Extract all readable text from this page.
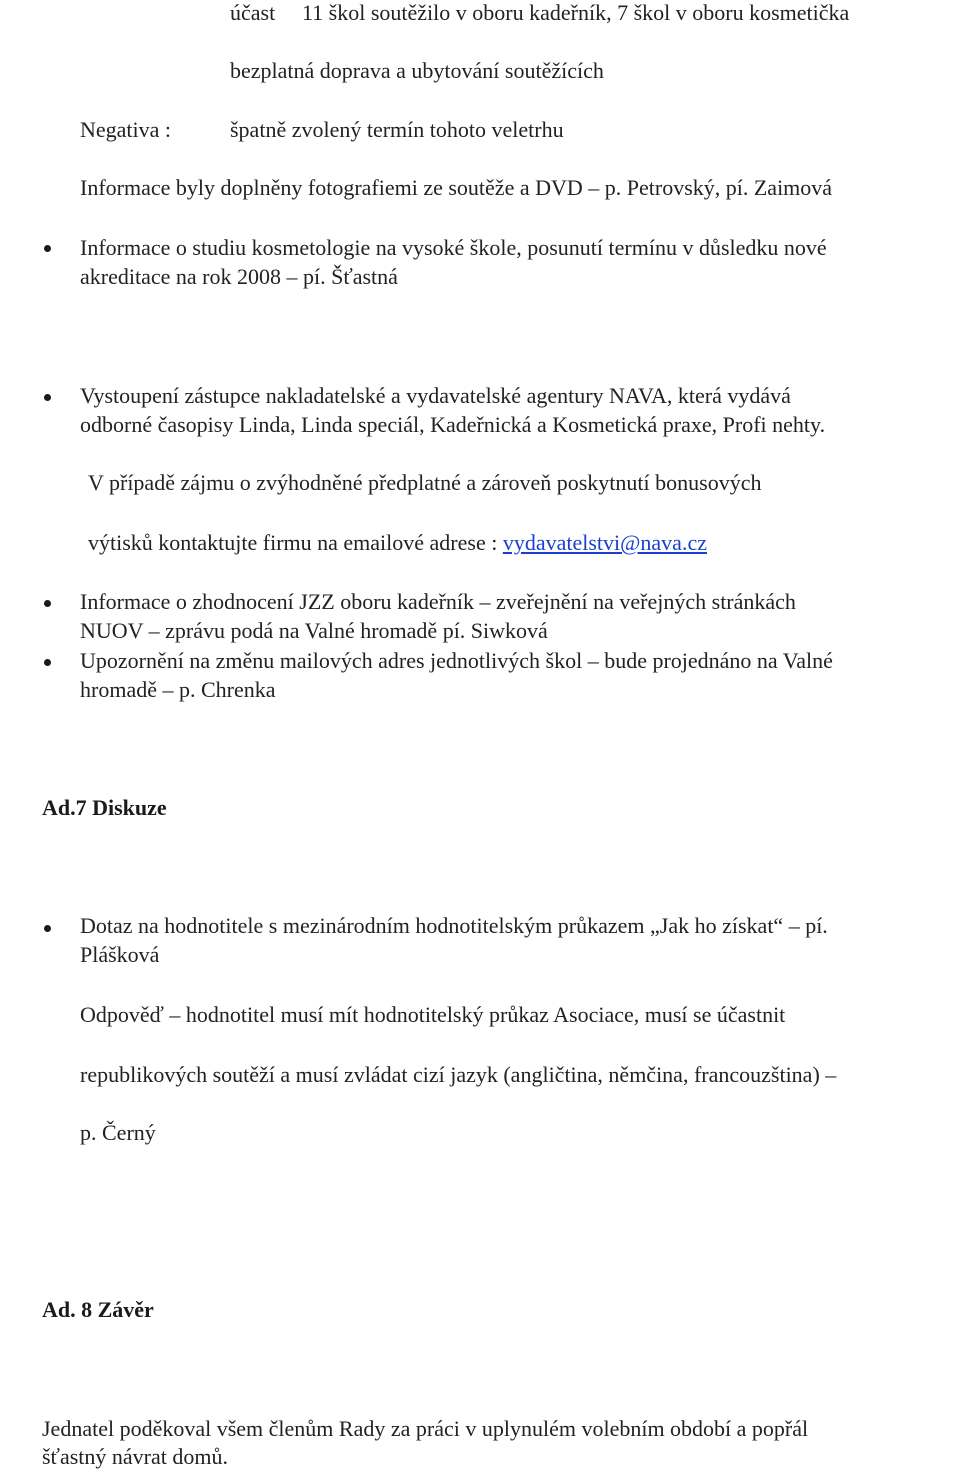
účast 11 škol soutěžilo v oboru kadeřník, 7 škol v oboru kosmetička
bezplatná doprava a ubytování soutěžících
Negativa :	špatně zvolený termín tohoto veletrhu
Informace byly doplněny fotografiemi ze soutěže a DVD – p. Petrovský, pí. Zaimová
Informace o studiu kosmetologie na vysoké škole, posunutí termínu v důsledku nové
akreditace na rok 2008 – pí. Šťastná
Vystoupení zástupce nakladatelské a vydavatelské agentury NAVA, která vydává
odborné časopisy Linda, Linda speciál, Kadeřnická a Kosmetická praxe, Profi nehty.
V případě zájmu o zvýhodněné předplatné a zároveň poskytnutí bonusových
výtisků kontaktujte firmu na emailové adrese : vydavatelstvi@nava.cz
Informace o zhodnocení JZZ oboru kadeřník – zveřejnění na veřejných stránkách
NUOV – zprávu podá na Valné hromadě pí. Siwková
Upozornění na změnu mailových adres jednotlivých škol – bude projednáno na Valné
hromadě – p. Chrenka
Ad.7 Diskuze
Dotaz na hodnotitele s mezinárodním hodnotitelským průkazem „Jak ho získat“ – pí.
Plášková
Odpověď – hodnotitel musí mít hodnotitelský průkaz Asociace, musí se účastnit
republikových soutěží a musí zvládat cizí jazyk (angličtina, němčina, francouzština) –
p. Černý
Ad. 8 Závěr
Jednatel poděkoval všem členům Rady za práci v uplynulém volebním období a popřál
šťastný návrat domů.
